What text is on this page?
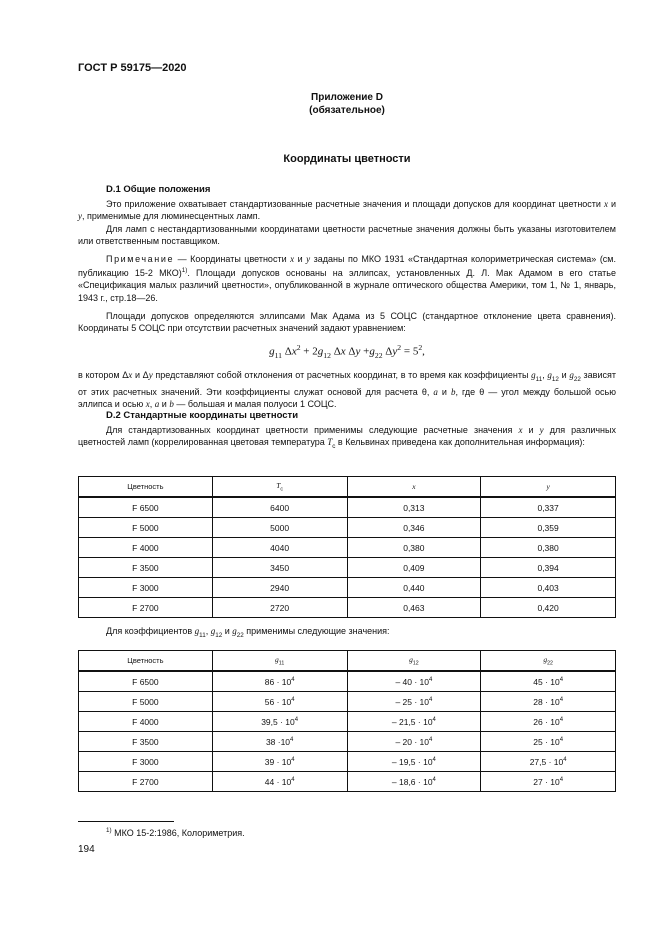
ГОСТ Р 59175—2020
Приложение D
(обязательное)
Координаты цветности
D.1 Общие положения
Это приложение охватывает стандартизованные расчетные значения и площади допусков для координат цветности x и y, применимые для люминесцентных ламп.
Для ламп с нестандартизованными координатами цветности расчетные значения должны быть указаны изготовителем или ответственным поставщиком.
Примечание — Координаты цветности x и y заданы по МКО 1931 «Стандартная колориметрическая система» (см. публикацию 15-2 МКО)$^{1)}$. Площади допусков основаны на эллипсах, установленных Д. Л. Мак Адамом в его статье «Спецификация малых различий цветности», опубликованной в журнале оптического общества Америки, том 1, № 1, январь, 1943 г., стр.18—26.
Площади допусков определяются эллипсами Мак Адама из 5 СОЦС (стандартное отклонение цвета сравнения). Координаты 5 СОЦС при отсутствии расчетных значений задают уравнением:
$g_{11}$ $\Delta x^2 + 2g_{12}$ Δx $\Delta y +g_{22}$ $\Delta y^2 = 5^2$,
в котором Δx и Δy представляют собой отклонения от расчетных координат, в то время как коэффициенты $g_{11}$, $g_{12}$ и $g_{22}$ зависят от этих расчетных значений. Эти коэффициенты служат основой для расчета θ, a и b, где θ — угол между большой осью эллипса и осью x, a и b — большая и малая полуоси 1 СОЦС.
D.2 Стандартные координаты цветности
Для стандартизованных координат цветности применимы следующие расчетные значения x и y для различных цветностей ламп (коррелированная цветовая температура $T_c$ в Кельвинах приведена как дополнительная информация):
Цветность	$T_c$	x	y
F 6500	6400	0,313	0,337
F 5000	5000	0,346	0,359
F 4000	4040	0,380	0,380
F 3500	3450	0,409	0,394
F 3000	2940	0,440	0,403
F 2700	2720	0,463	0,420
Для коэффициентов $g_{11}$, $g_{12}$ и $g_{22}$ применимы следующие значения:
Цветность	$g_{11}$	$g_{12}$	$g_{22}$
F 6500	$86 \cdot 10^4$	– $40 \cdot 10^4$	$45 \cdot 10^4$
F 5000	$56 \cdot 10^4$	– $25 \cdot 10^4$	$28 \cdot 10^4$
F 4000	$39,5 \cdot 10^4$	– $21,5 \cdot 10^4$	$26 \cdot 10^4$
F 3500	$38 \cdot 10^4$	– $20 \cdot 10^4$	$25 \cdot 10^4$
F 3000	$39 \cdot 10^4$	– $19,5 \cdot 10^4$	$27,5 \cdot 10^4$
F 2700	$44 \cdot 10^4$	– $18,6 \cdot 10^4$	$27 \cdot 10^4$
$^{1)}$ МКО 15-2:1986, Колориметрия.
194
